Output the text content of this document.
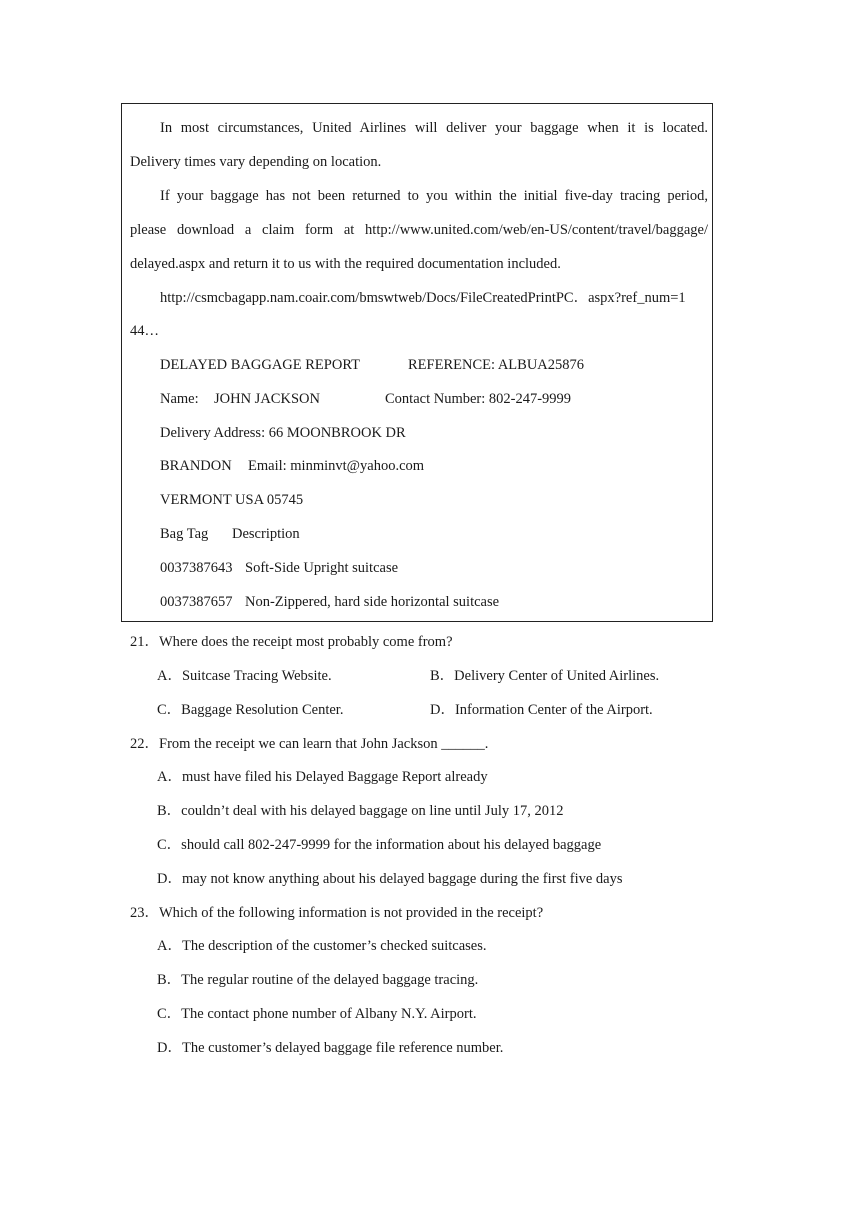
In most circumstances, United Airlines will deliver your baggage when it is located.
Delivery times vary depending on location.
If your baggage has not been returned to you within the initial five-day tracing period,
please download a claim form at http://www.united.com/web/en-US/content/travel/baggage/
delayed.aspx and return it to us with the required documentation included.
http://csmcbagapp.nam.coair.com/bmswtweb/Docs/FileCreatedPrintPC．aspx?ref_num=1
44…
DELAYED BAGGAGE REPORT	REFERENCE: ALBUA25876
Name: JOHN JACKSON	Contact Number: 802-247-9999
Delivery Address: 66 MOONBROOK DR
BRANDON Email: minminvt@yahoo.com
VERMONT USA 05745
Bag Tag Description
0037387643 Soft-Side Upright suitcase
0037387657 Non-Zippered, hard side horizontal suitcase
21．Where does the receipt most probably come from?
A．Suitcase Tracing Website.	B．Delivery Center of United Airlines.
C．Baggage Resolution Center.	D．Information Center of the Airport.
22．From the receipt we can learn that John Jackson ______.
A．must have filed his Delayed Baggage Report already
B．couldn’t deal with his delayed baggage on line until July 17, 2012
C．should call 802-247-9999 for the information about his delayed baggage
D．may not know anything about his delayed baggage during the first five days
23．Which of the following information is not provided in the receipt?
A．The description of the customer’s checked suitcases.
B．The regular routine of the delayed baggage tracing.
C．The contact phone number of Albany N.Y. Airport.
D．The customer’s delayed baggage file reference number.
